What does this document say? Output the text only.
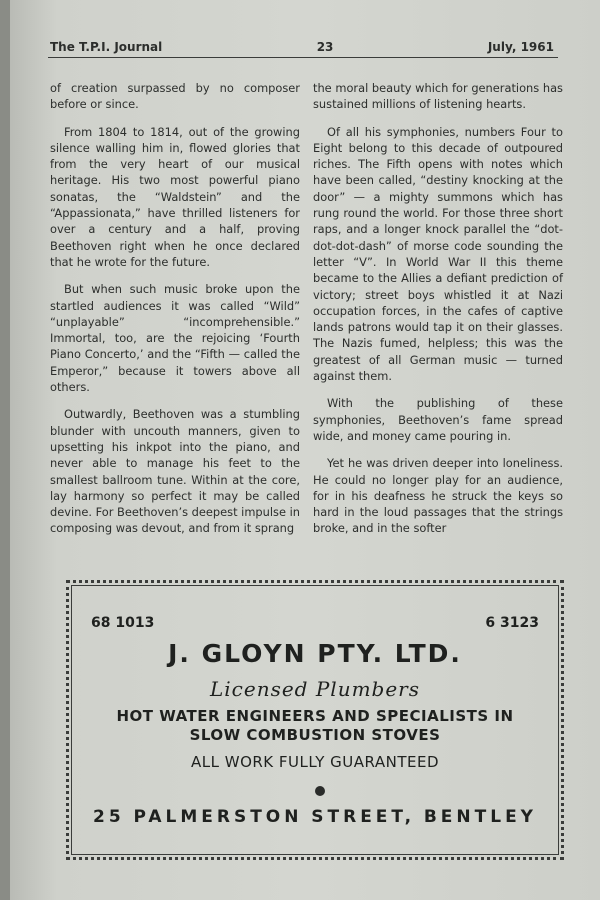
The T.P.I. Journal	23	July, 1961

of creation surpassed by no composer before or since.

From 1804 to 1814, out of the growing silence walling him in, flowed glories that from the very heart of our musical heritage. His two most powerful piano sonatas, the “Waldstein” and the “Appassionata,” have thrilled listeners for over a century and a half, proving Beethoven right when he once declared that he wrote for the future.

But when such music broke upon the startled audiences it was called “Wild” “unplayable” “incomprehensible.” Immortal, too, are the rejoicing ‘Fourth Piano Concerto,’ and the “Fifth — called the Emperor,” because it towers above all others.

Outwardly, Beethoven was a stumbling blunder with uncouth manners, given to upsetting his inkpot into the piano, and never able to manage his feet to the smallest ballroom tune. Within at the core, lay harmony so perfect it may be called devine. For Beethoven’s deepest impulse in composing was devout, and from it sprang

the moral beauty which for generations has sustained millions of listening hearts.

Of all his symphonies, numbers Four to Eight belong to this decade of outpoured riches. The Fifth opens with notes which have been called, “destiny knocking at the door” — a mighty summons which has rung round the world. For those three short raps, and a longer knock parallel the “dot-dot-dot-dash” of morse code sounding the letter “V”. In World War II this theme became to the Allies a defiant prediction of victory; street boys whistled it at Nazi occupation forces, in the cafes of captive lands patrons would tap it on their glasses. The Nazis fumed, helpless; this was the greatest of all German music — turned against them.

With the publishing of these symphonies, Beethoven’s fame spread wide, and money came pouring in.

Yet he was driven deeper into loneliness. He could no longer play for an audience, for in his deafness he struck the keys so hard in the loud passages that the strings broke, and in the softer

68 1013	6 3123
J. GLOYN PTY. LTD.
Licensed Plumbers
HOT WATER ENGINEERS AND SPECIALISTS IN
SLOW COMBUSTION STOVES
ALL WORK FULLY GUARANTEED
25 PALMERSTON STREET, BENTLEY
